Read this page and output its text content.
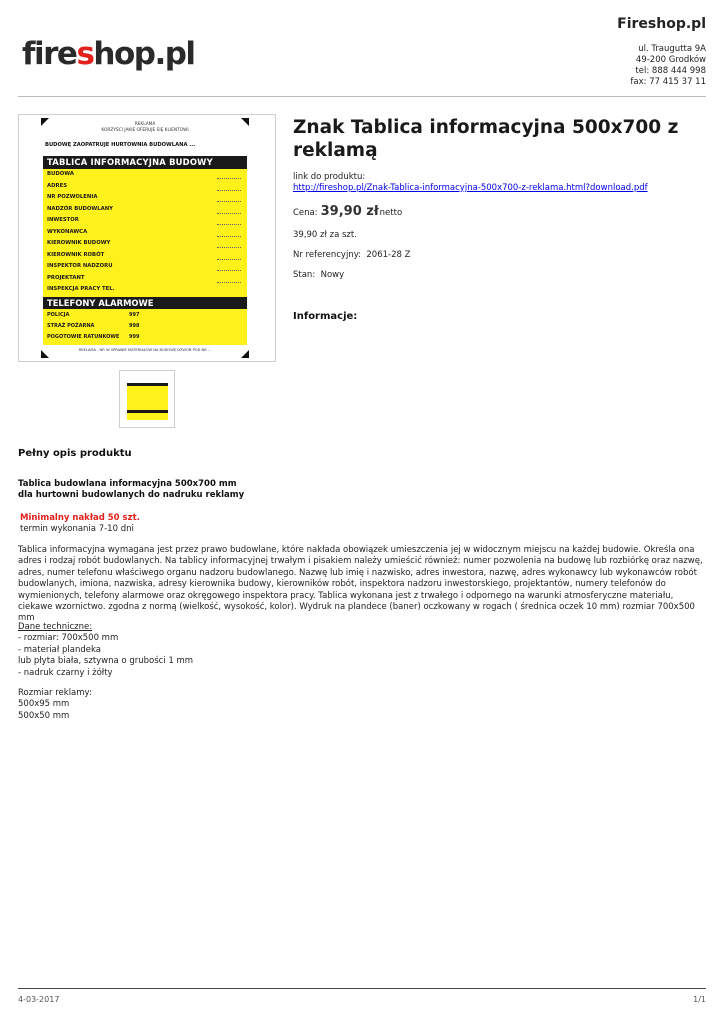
fireshop.pl
Fireshop.pl
ul. Traugutta 9A
49-200 Grodków
tel: 888 444 998
fax: 77 415 37 11
REKLAMA
KORZYŚCI JAKIE OFERUJE SIĘ KLIENTOWI
BUDOWĘ ZAOPATRUJE HURTOWNIA BUDOWLANA ...
TABLICA INFORMACYJNA BUDOWY
BUDOWA
ADRES
NR POZWOLENIA
NADZÓR BUDOWLANY
INWESTOR
WYKONAWCA
KIEROWNIK BUDOWY
KIEROWNIK ROBÓT
INSPEKTOR NADZORU
PROJEKTANT
INSPEKCJA PRACY TEL.
TELEFONY ALARMOWE
POLICJA	997
STRAŻ POŻARNA	998
POGOTOWIE RATUNKOWE 999
REKLAMA - NP. W SPRAWIE MATERIAŁÓW NA BUDOWĘ DZWOŃ POD NR ...
Znak Tablica informacyjna 500x700 z reklamą
link do produktu:
http://fireshop.pl/Znak-Tablica-informacyjna-500x700-z-reklama.html?download.pdf
Cena: 39,90 złnetto
39,90 zł za szt.
Nr referencyjny: 2061-28 Z
Stan: Nowy
Informacje:
Pełny opis produktu
Tablica budowlana informacyjna 500x700 mm
dla hurtowni budowlanych do nadruku reklamy
Minimalny nakład 50 szt.
termin wykonania 7-10 dni
Tablica informacyjna wymagana jest przez prawo budowlane, które nakłada obowiązek umieszczenia jej w widocznym miejscu na każdej budowie. Określa ona adres i rodzaj robót budowlanych. Na tablicy informacyjnej trwałym i pisakiem należy umieścić również: numer pozwolenia na budowę lub rozbiórkę oraz nazwę, adres, numer telefonu właściwego organu nadzoru budowlanego. Nazwę lub imię i nazwisko, adres inwestora, nazwę, adres wykonawcy lub wykonawców robót budowlanych, imiona, nazwiska, adresy kierownika budowy, kierowników robót, inspektora nadzoru inwestorskiego, projektantów, numery telefonów do wymienionych, telefony alarmowe oraz okręgowego inspektora pracy. Tablica wykonana jest z trwałego i odpornego na warunki atmosferyczne materiału, ciekawe wzornictwo. zgodna z normą (wielkość, wysokość, kolor). Wydruk na plandece (baner) oczkowany w rogach ( średnica oczek 10 mm) rozmiar 700x500 mm
Dane techniczne:
- rozmiar: 700x500 mm
- materiał plandeka
lub płyta biała, sztywna o grubości 1 mm
- nadruk czarny i żółty
Rozmiar reklamy:
500x95 mm
500x50 mm
4-03-2017	1/1
